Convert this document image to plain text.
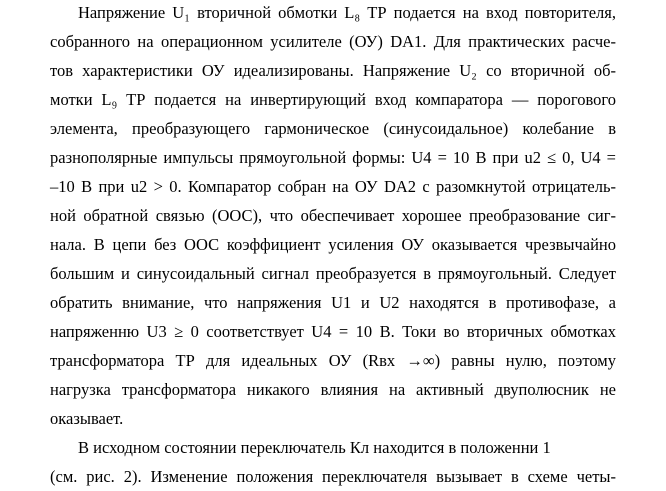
Напряжение U₁ вторичной обмотки L₈ ТР подается на вход повторителя,
собранного на операционном усилителе (ОУ) DA1. Для практических расче-
тов характеристики ОУ идеализированы. Напряжение U₂ со вторичной об-
мотки L₉ ТР подается на инвертирующий вход компаратора — порогового
элемента, преобразующего гармоническое (синусоидальное) колебание в
разнополярные импульсы прямоугольной формы: U4 = 10 В при u2 ≤ 0, U4 =
–10 В при u2 > 0. Компаратор собран на ОУ DA2 с разомкнутой отрицатель-
ной обратной связью (ООС), что обеспечивает хорошее преобразование сиг-
нала. В цепи без ООС коэффициент усиления ОУ оказывается чрезвычайно
большим и синусоидальный сигнал преобразуется в прямоугольный. Следует
обратить внимание, что напряжения U1 и U2 находятся в противофазе, а
напряженню U3 ≥ 0 соответствует U4 = 10 В. Токи во вторичных обмотках
трансформатора ТР для идеальных ОУ (Rвх →∞) равны нулю, поэтому
нагрузка трансформатора никакого влияния на активный двуполюсник не
оказывает.
В исходном состоянии переключатель Кл находится в положенни 1
(см. рис. 2). Изменение положения переключателя вызывает в схеме четы-
